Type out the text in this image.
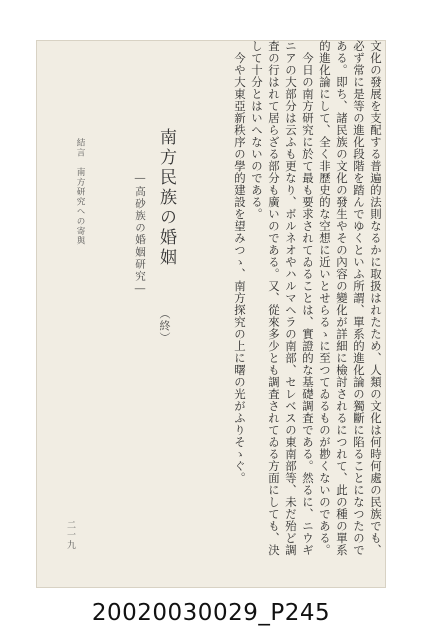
文化の發展を支配する普遍的法則なるかに取扱はれたため、人類の文化は何時何處の民族でも、
必ず常に是等の進化段階を踏んでゆくといふ所謂、單系的進化論の獨斷に陷ることになつたので
ある。即ち、諸民族の文化の發生やその內容の變化が詳細に檢討されるにつれて、此の種の單系
的進化論にして、全く非歷史的な空想に近いとせらるゝに至つてゐるものが尠くないのである。
　今日の南方研究に於て最も要求されてゐることは、實證的な基礎調査である。然るに、ニウギ
ニアの大部分は云ふも更なり、ボルネオやハルマヘラの南部、セレベスの東南部等、未だ殆ど調
査の行はれて居らざる部分も廣いのである。又、從來多少とも調査されてゐる方面にしても、決
して十分とはいへないのである。
　今や大東亞新秩序の學的建設を望みつゝ、南方探究の上に曙の光がふりそゝぐ。
南方民族の婚姻
―高砂族の婚姻研究―
（終）
結言　南方研究への寄與
二一九
20020030029_P245
